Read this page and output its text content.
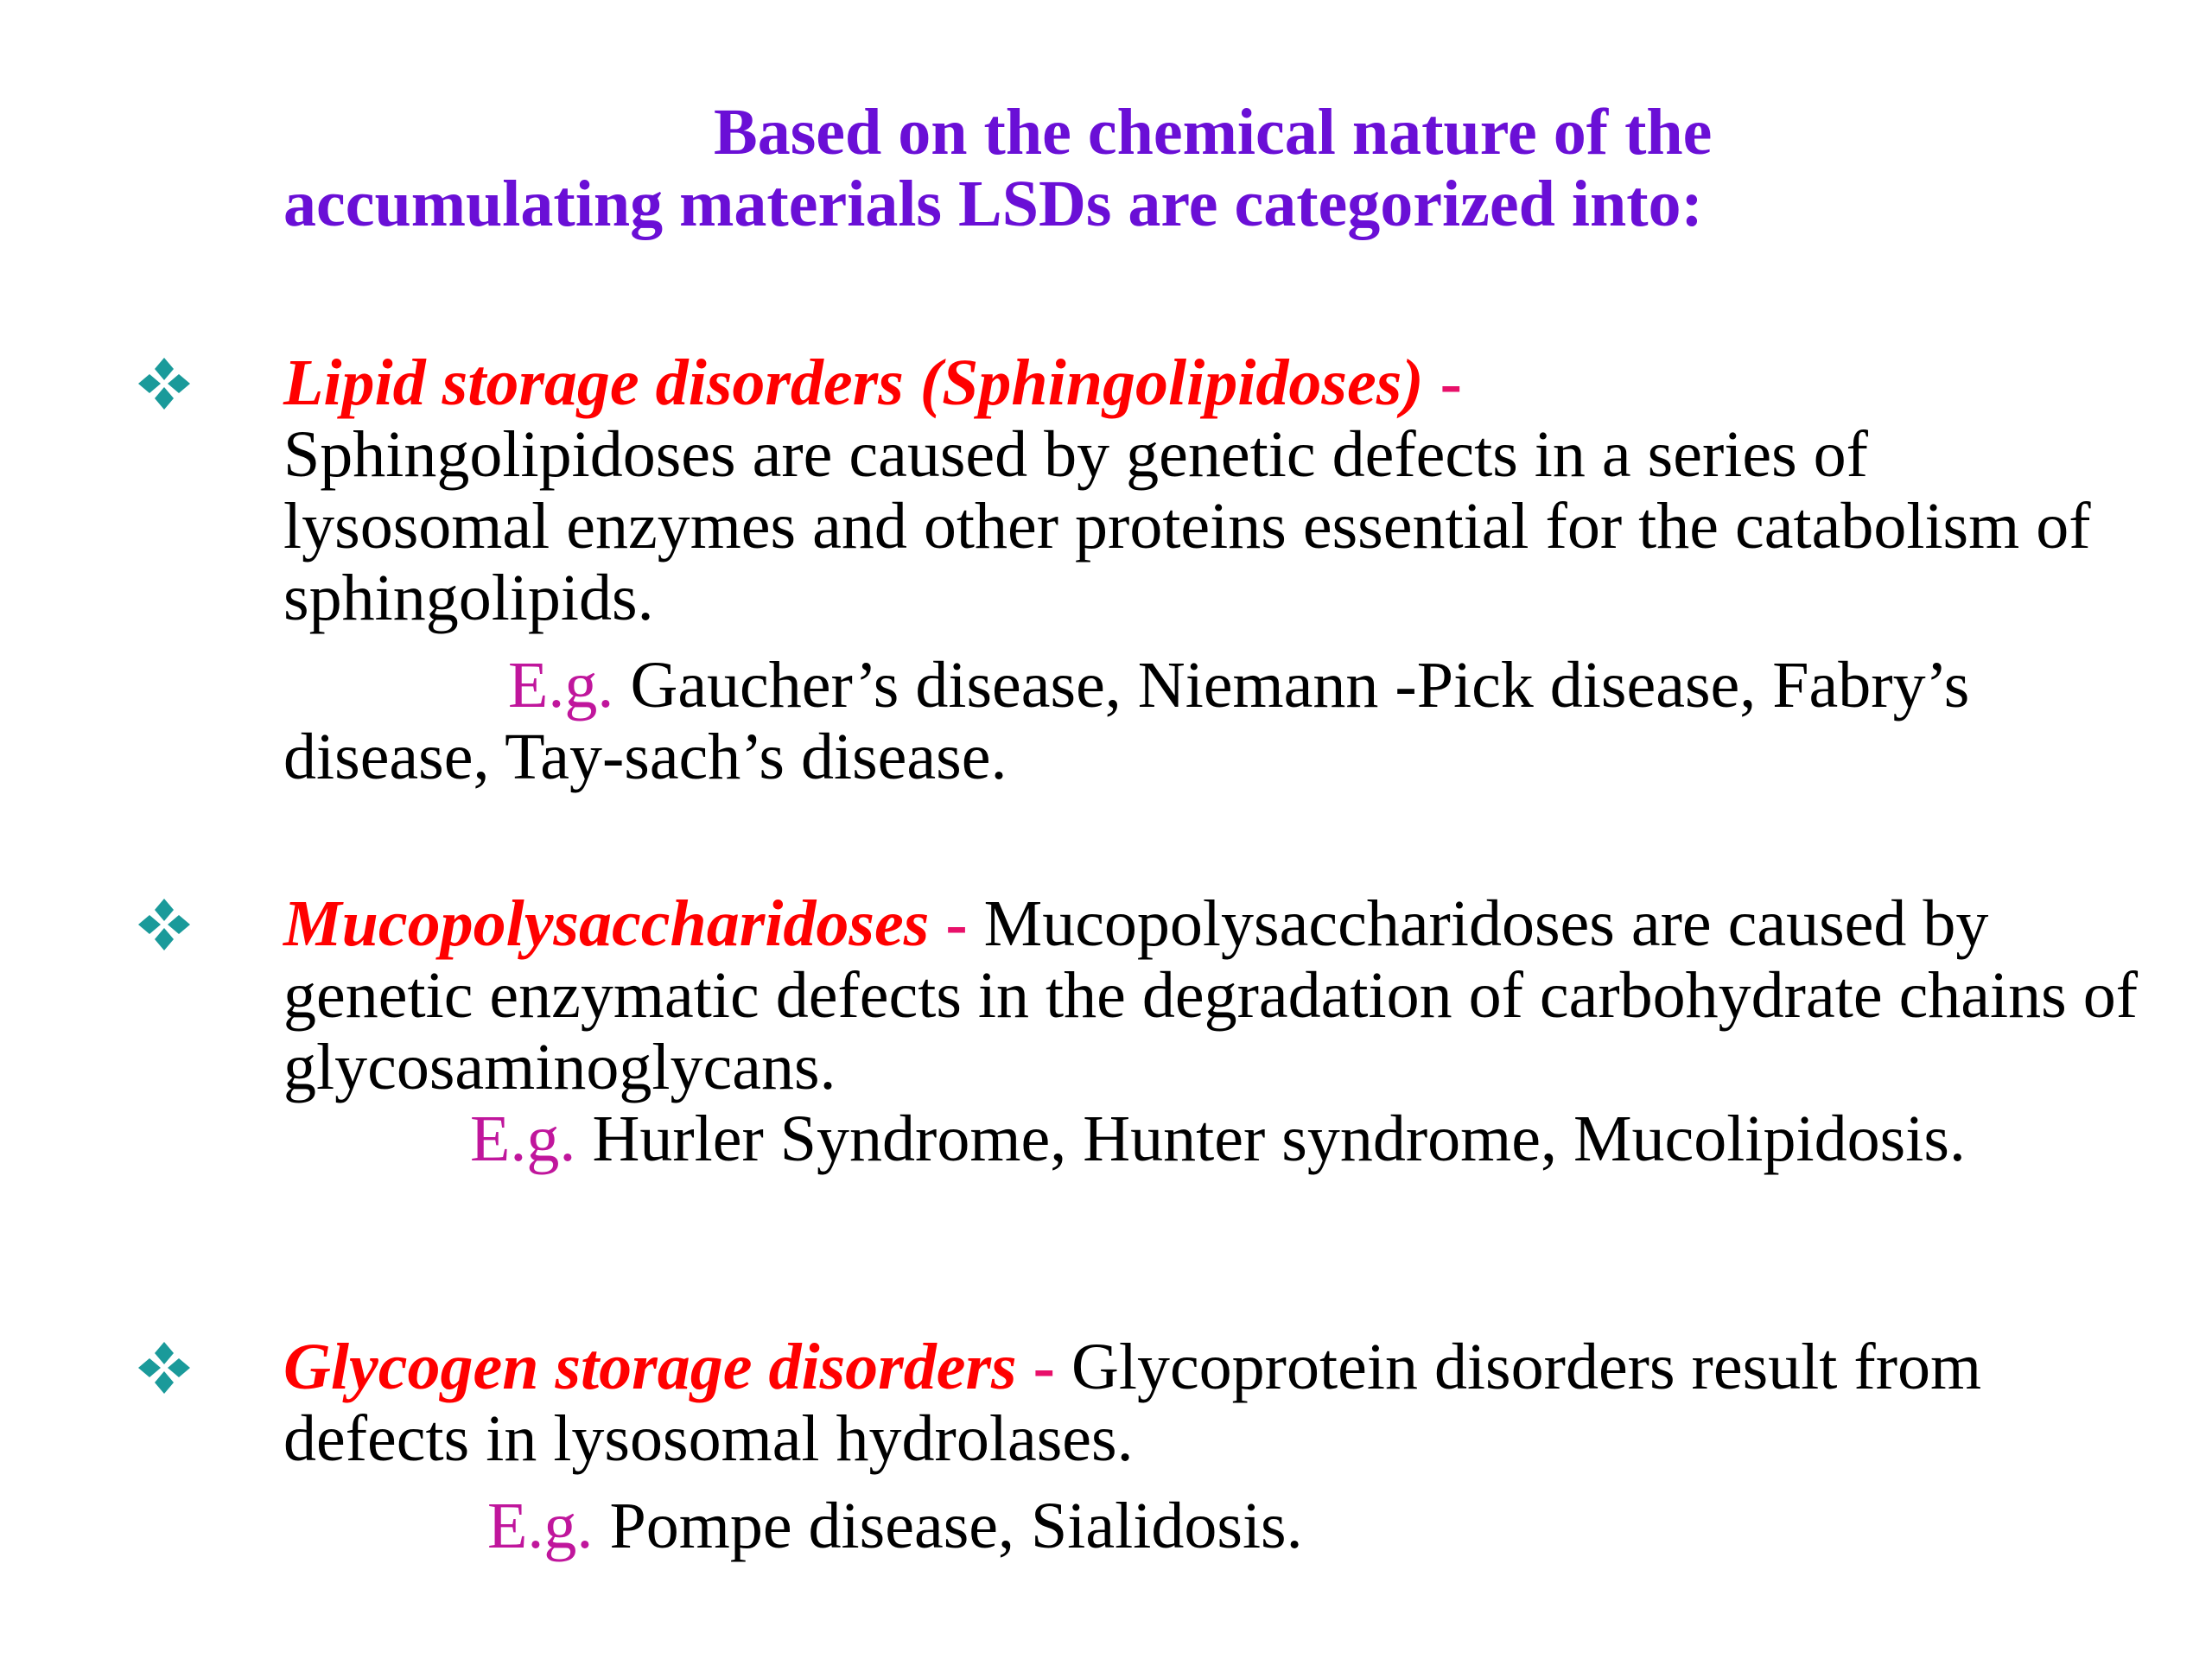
Based on the chemical nature of the
accumulating materials LSDs are categorized into:
Lipid storage disorders (Sphingolipidoses) -
Sphingolipidoses are caused by genetic defects in a series of lysosomal enzymes and other proteins essential for the catabolism of sphingolipids.
E.g. Gaucher’s disease, Niemann -Pick disease, Fabry’s disease, Tay-sach’s disease.
Mucopolysaccharidoses - Mucopolysaccharidoses are caused by genetic enzymatic defects in the degradation of carbohydrate chains of glycosaminoglycans.
E.g. Hurler Syndrome, Hunter syndrome, Mucolipidosis.
Glycogen storage disorders - Glycoprotein disorders result from defects in lysosomal hydrolases.
E.g. Pompe disease, Sialidosis.
